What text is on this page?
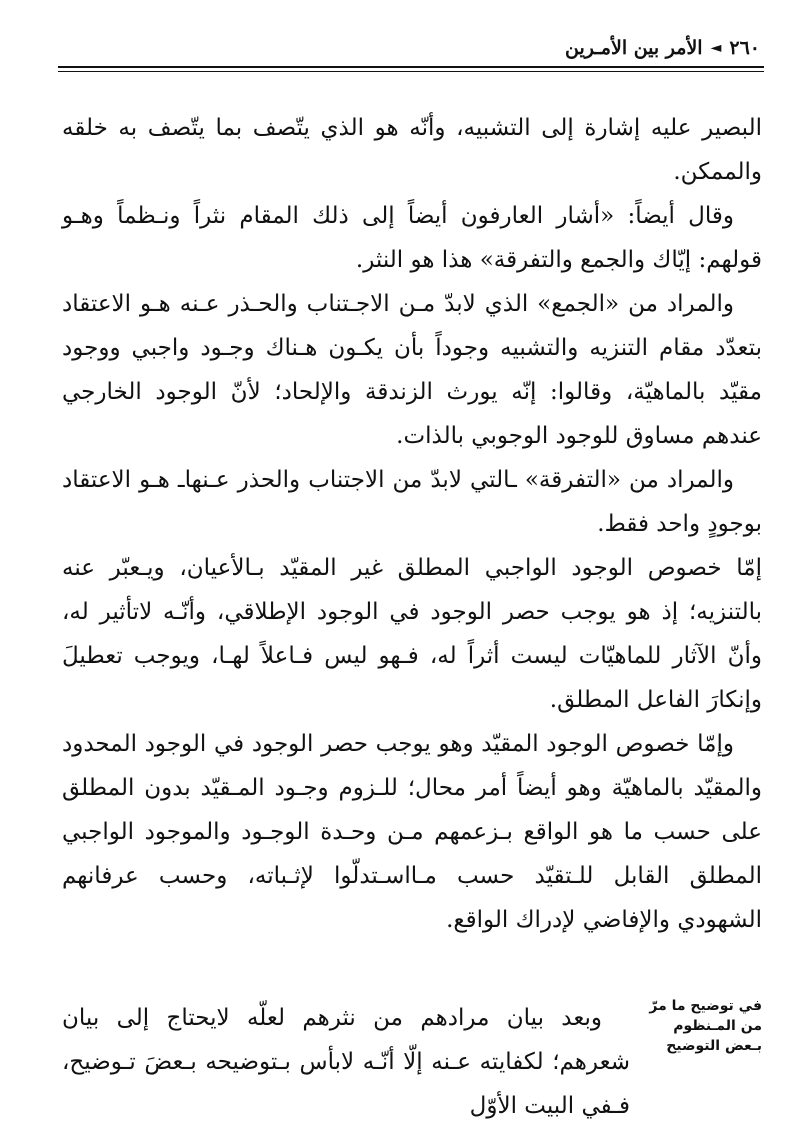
٢٦٠
◄
الأمر بين الأمـرين

البصير عليه إشارة إلى التشبيه، وأنّه هو الذي يتّصف بما يتّصف به خلقه والممكن.

وقال أيضاً: «أشار العارفون أيضاً إلى ذلك المقام نثراً ونـظماً وهـو قولهم: إيّاك والجمع والتفرقة» هذا هو النثر.

والمراد من «الجمع» الذي لابدّ مـن الاجـتناب والحـذر عـنه هـو الاعتقاد بتعدّد مقام التنزيه والتشبيه وجوداً بأن يكـون هـناك وجـود واجبي ووجود مقيّد بالماهيّة، وقالوا: إنّه يورث الزندقة والإلحاد؛ لأنّ الوجود الخارجي عندهم مساوق للوجود الوجوبي بالذات.

والمراد من «التفرقة» ـالتي لابدّ من الاجتناب والحذر عـنهاـ هـو الاعتقاد بوجودٍ واحد فقط.

إمّا خصوص الوجود الواجبي المطلق غير المقيّد بـالأعيان، ويـعبّر عنه بالتنزيه؛ إذ هو يوجب حصر الوجود في الوجود الإطلاقي، وأنّـه لاتأثير له، وأنّ الآثار للماهيّات ليست أثراً له، فـهو ليس فـاعلاً لهـا، ويوجب تعطيلَ وإنكارَ الفاعل المطلق.

وإمّا خصوص الوجود المقيّد وهو يوجب حصر الوجود في الوجود المحدود والمقيّد بالماهيّة وهو أيضاً أمر محال؛ للـزوم وجـود المـقيّد بدون المطلق على حسب ما هو الواقع بـزعمهم مـن وحـدة الوجـود والموجود الواجبي المطلق القابل للـتقيّد حسب مـااسـتدلّوا لإثـباته، وحسب عرفانهم الشهودي والإفاضي لإدراك الواقع.

في توضيح ما مرّ من المـنظوم بـعض التوضيح

وبعد بيان مرادهم من نثرهم لعلّه لايحتاج إلى بيان شعرهم؛ لكفايته عـنه إلّا أنّـه لابأس بـتوضيحه بـعضَ تـوضيح، فـفي البيت الأوّل
